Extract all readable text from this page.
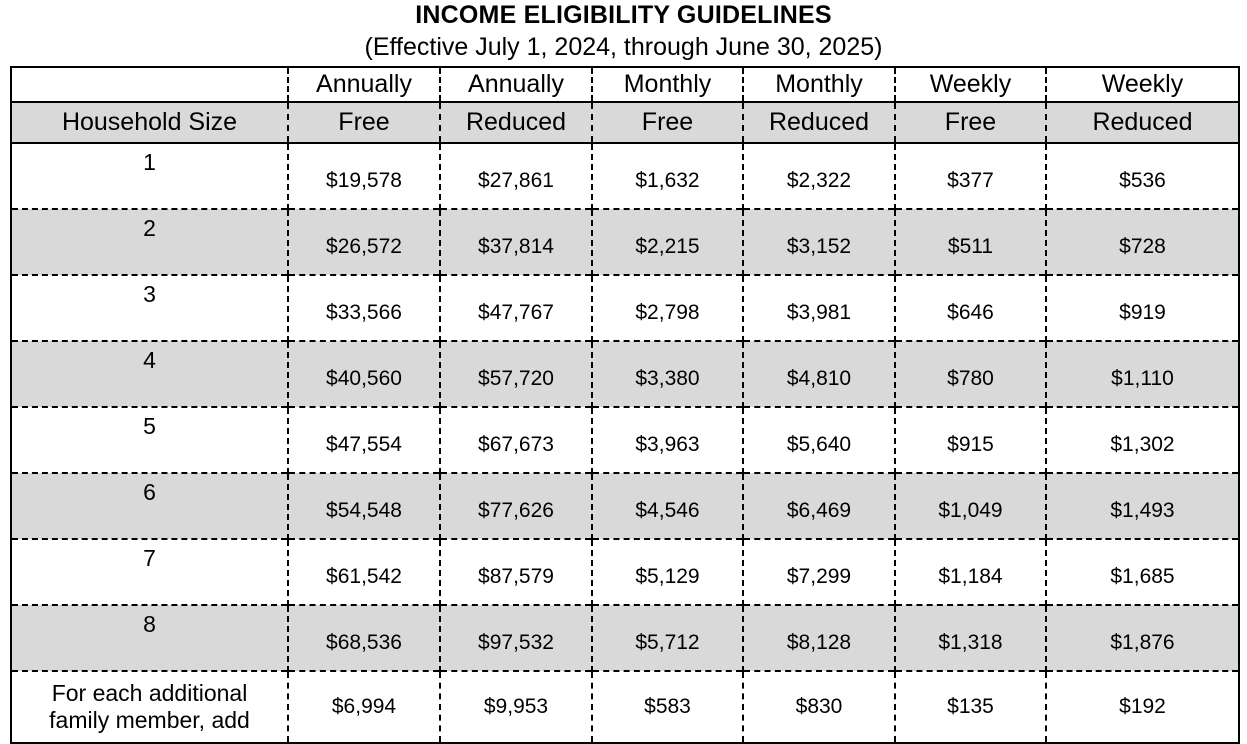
INCOME ELIGIBILITY GUIDELINES
(Effective July 1, 2024, through June 30, 2025)
	Annually	Annually	Monthly	Monthly	Weekly	Weekly
Household Size	Free	Reduced	Free	Reduced	Free	Reduced
1	$19,578	$27,861	$1,632	$2,322	$377	$536
2	$26,572	$37,814	$2,215	$3,152	$511	$728
3	$33,566	$47,767	$2,798	$3,981	$646	$919
4	$40,560	$57,720	$3,380	$4,810	$780	$1,110
5	$47,554	$67,673	$3,963	$5,640	$915	$1,302
6	$54,548	$77,626	$4,546	$6,469	$1,049	$1,493
7	$61,542	$87,579	$5,129	$7,299	$1,184	$1,685
8	$68,536	$97,532	$5,712	$8,128	$1,318	$1,876

For each additional
family member, add	$6,994	$9,953	$583	$830	$135	$192
